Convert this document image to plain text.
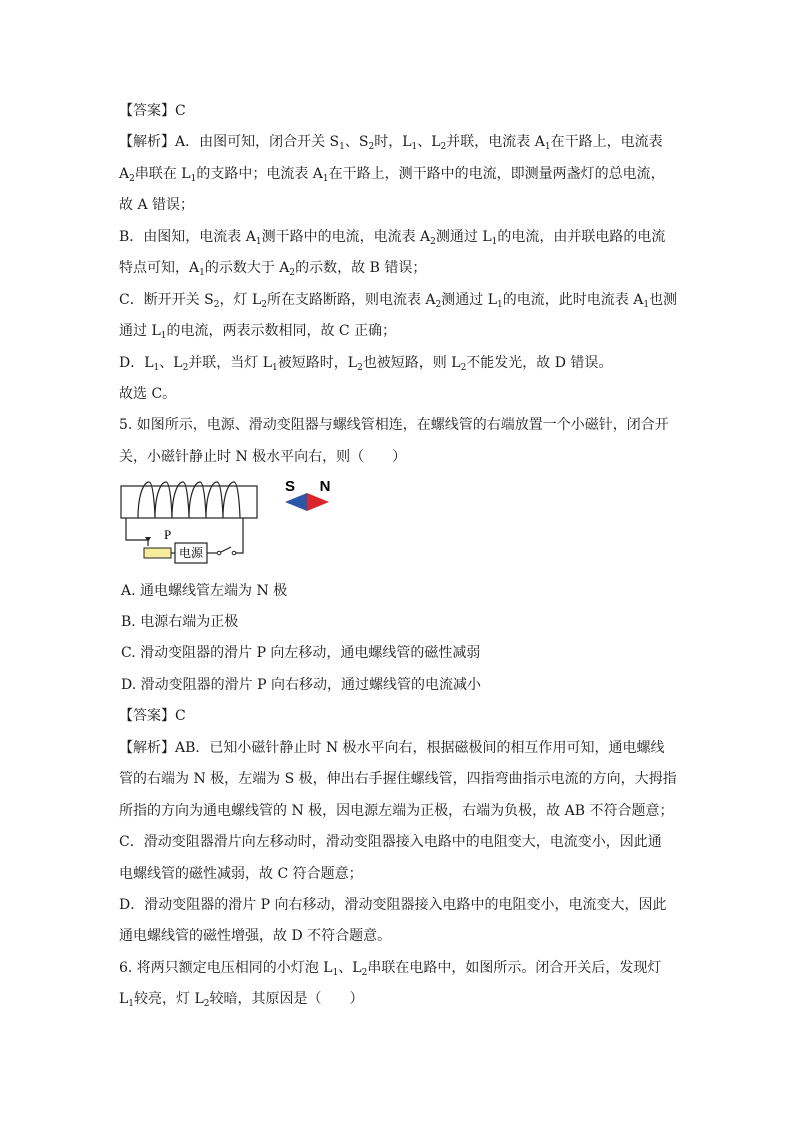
【答案】C
【解析】A．由图可知，闭合开关 $S_1$、$S_2$时，$L_1$、$L_2$并联，电流表 $A_1$在干路上，电流表
$A_2$串联在 $L_1$的支路中；电流表 $A_1$在干路上，测干路中的电流，即测量两盏灯的总电流，
故 A 错误；
B．由图知，电流表 $A_1$测干路中的电流，电流表 $A_2$测通过 $L_1$的电流，由并联电路的电流
特点可知，$A_1$的示数大于 $A_2$的示数，故 B 错误；
C．断开开关 $S_2$，灯 $L_2$所在支路断路，则电流表 $A_2$测通过 $L_1$的电流，此时电流表 $A_1$也测
通过 $L_1$的电流，两表示数相同，故 C 正确；
D．$L_1$、$L_2$并联，当灯 $L_1$被短路时，$L_2$也被短路，则 $L_2$不能发光，故 D 错误。
故选 C。
5. 如图所示，电源、滑动变阻器与螺线管相连，在螺线管的右端放置一个小磁针，闭合开
关，小磁针静止时 N 极水平向右，则（　　）
P
电源
S N
A. 通电螺线管左端为 N 极
B. 电源右端为正极
C. 滑动变阻器的滑片 P 向左移动，通电螺线管的磁性减弱
D. 滑动变阻器的滑片 P 向右移动，通过螺线管的电流减小
【答案】C
【解析】AB．已知小磁针静止时 N 极水平向右，根据磁极间的相互作用可知，通电螺线
管的右端为 N 极，左端为 S 极，伸出右手握住螺线管，四指弯曲指示电流的方向，大拇指
所指的方向为通电螺线管的 N 极，因电源左端为正极，右端为负极，故 AB 不符合题意；
C．滑动变阻器滑片向左移动时，滑动变阻器接入电路中的电阻变大，电流变小，因此通
电螺线管的磁性减弱，故 C 符合题意；
D．滑动变阻器的滑片 P 向右移动，滑动变阻器接入电路中的电阻变小，电流变大，因此
通电螺线管的磁性增强，故 D 不符合题意。
6. 将两只额定电压相同的小灯泡 $L_1$、$L_2$串联在电路中，如图所示。闭合开关后，发现灯
$L_1$较亮，灯 $L_2$较暗，其原因是（　　）
